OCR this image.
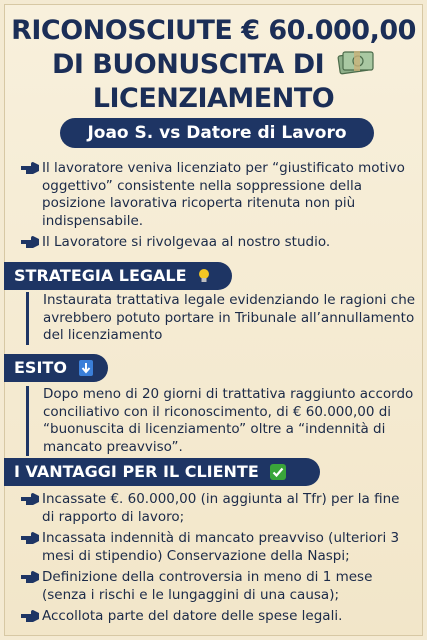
RICONOSCIUTE € 60.000,00
DI BUONUSCITA DI
LICENZIAMENTO
Joao S. vs Datore di Lavoro
Il lavoratore veniva licenziato per “giustificato motivo oggettivo” consistente nella soppressione della posizione lavorativa ricoperta ritenuta non più indispensabile.
Il Lavoratore si rivolgevaa al nostro studio.
STRATEGIA LEGALE
Instaurata trattativa legale evidenziando le ragioni che avrebbero potuto portare in Tribunale all’annullamento del licenziamento
ESITO
Dopo meno di 20 giorni di trattativa raggiunto accordo conciliativo con il riconoscimento, di € 60.000,00 di “buonuscita di licenziamento” oltre a “indennità di mancato preavviso”.
I VANTAGGI PER IL CLIENTE
Incassate €. 60.000,00 (in aggiunta al Tfr) per la fine di rapporto di lavoro;
Incassata indennità di mancato preavviso (ulteriori 3 mesi di stipendio) Conservazione della Naspi;
Definizione della controversia in meno di 1 mese (senza i rischi e le lungaggini di una causa);
Accollota parte del datore delle spese legali.
